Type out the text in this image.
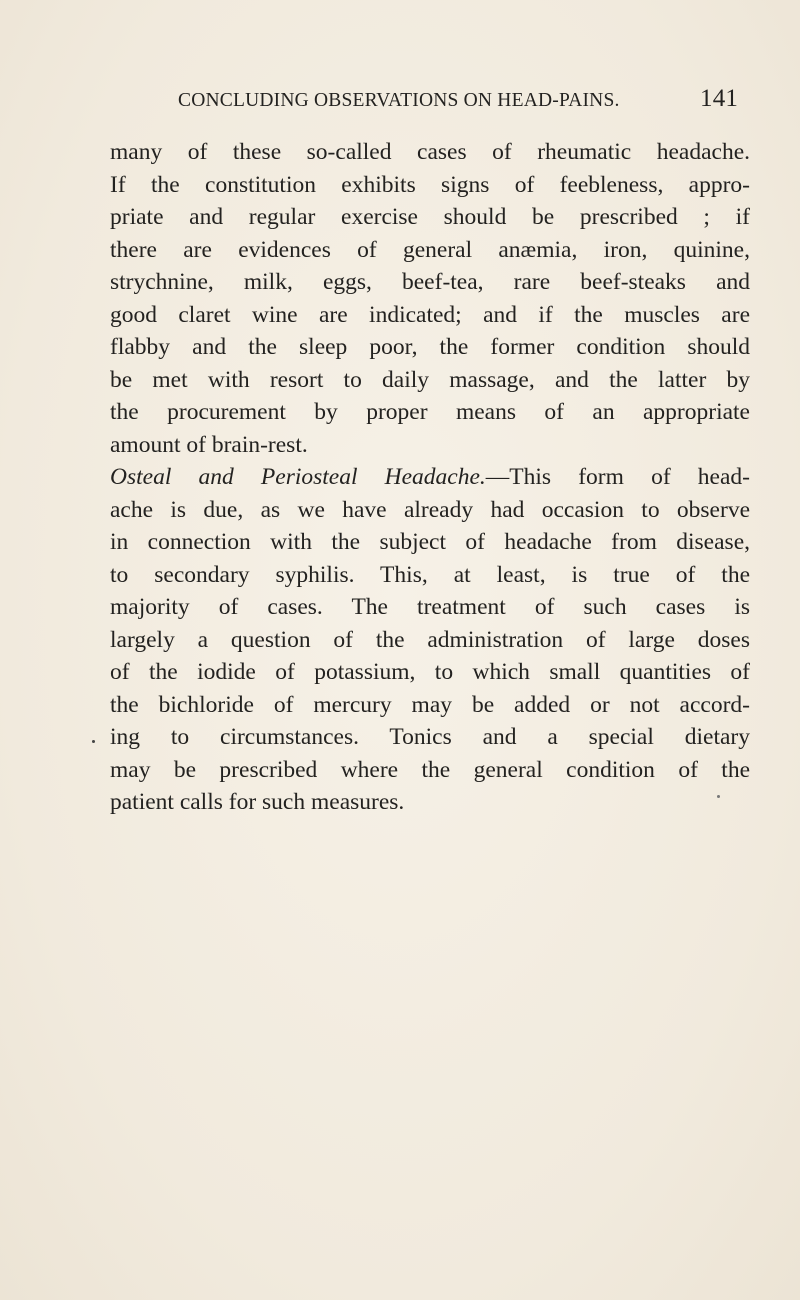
CONCLUDING OBSERVATIONS ON HEAD-PAINS.	141
many of these so-called cases of rheumatic headache.
If the constitution exhibits signs of feebleness, appro-
priate and regular exercise should be prescribed ; if
there are evidences of general anæmia, iron, quinine,
strychnine, milk, eggs, beef-tea, rare beef-steaks and
good claret wine are indicated; and if the muscles are
flabby and the sleep poor, the former condition should
be met with resort to daily massage, and the latter by
the procurement by proper means of an appropriate
amount of brain-rest.
Osteal and Periosteal Headache.—This form of head-
ache is due, as we have already had occasion to observe
in connection with the subject of headache from disease,
to secondary syphilis. This, at least, is true of the
majority of cases. The treatment of such cases is
largely a question of the administration of large doses
of the iodide of potassium, to which small quantities of
the bichloride of mercury may be added or not accord-
ing to circumstances. Tonics and a special dietary
may be prescribed where the general condition of the
patient calls for such measures.
